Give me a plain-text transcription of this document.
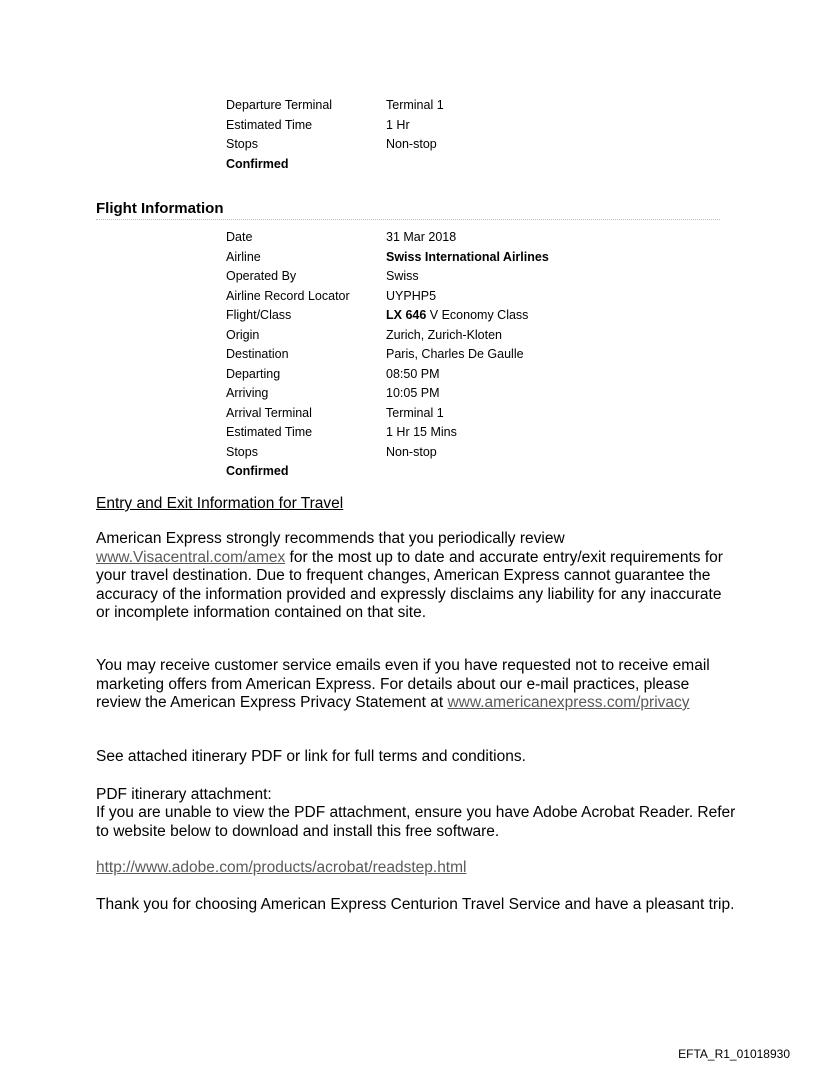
Departure Terminal	Terminal 1
Estimated Time	1 Hr
Stops	Non-stop
Confirmed
Flight Information
Date	31 Mar 2018
Airline	Swiss International Airlines
Operated By	Swiss
Airline Record Locator	UYPHP5
Flight/Class	LX 646 V Economy Class
Origin	Zurich, Zurich-Kloten
Destination	Paris, Charles De Gaulle
Departing	08:50 PM
Arriving	10:05 PM
Arrival Terminal	Terminal 1
Estimated Time	1 Hr 15 Mins
Stops	Non-stop
Confirmed
Entry and Exit Information for Travel
American Express strongly recommends that you periodically review www.Visacentral.com/amex for the most up to date and accurate entry/exit requirements for your travel destination. Due to frequent changes, American Express cannot guarantee the accuracy of the information provided and expressly disclaims any liability for any inaccurate or incomplete information contained on that site.
You may receive customer service emails even if you have requested not to receive email marketing offers from American Express. For details about our e-mail practices, please review the American Express Privacy Statement at www.americanexpress.com/privacy
See attached itinerary PDF or link for full terms and conditions.
PDF itinerary attachment:
If you are unable to view the PDF attachment, ensure you have Adobe Acrobat Reader. Refer to website below to download and install this free software.
http://www.adobe.com/products/acrobat/readstep.html
Thank you for choosing American Express Centurion Travel Service and have a pleasant trip.
EFTA_R1_01018930
